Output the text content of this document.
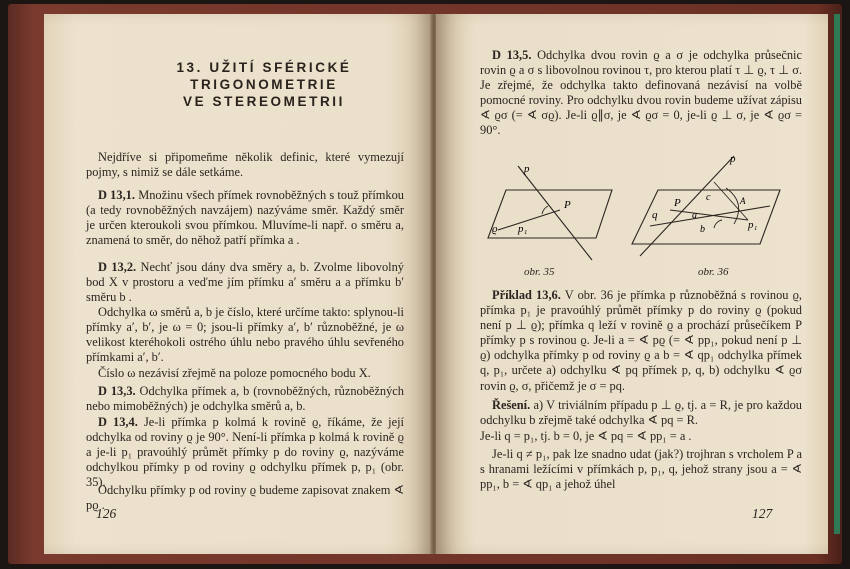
13. UŽITÍ SFÉRICKÉ
TRIGONOMETRIE
VE STEREOMETRII

Nejdříve si připomeňme několik definic, které vymezují pojmy, s nimiž se dále setkáme.

D 13,1. Množinu všech přímek rovnoběžných s touž přímkou (a tedy rovnoběžných navzájem) nazýváme směr. Každý směr je určen kteroukoli svou přímkou. Mluvíme-li např. o směru a, znamená to směr, do něhož patří přímka a .

D 13,2. Nechť jsou dány dva směry a, b. Zvolme libovolný bod X v prostoru a veďme jím přímku a′ směru a a přímku b′ směru b .

Odchylka ω směrů a, b je číslo, které určíme takto: splynou-li přímky a′, b′, je ω = 0; jsou-li přímky a′, b′ různoběžné, je ω velikost kteréhokoli ostrého úhlu nebo pravého úhlu sevřeného přímkami a′, b′.

Číslo ω nezávisí zřejmě na poloze pomocného bodu X.

D 13,3. Odchylka přímek a, b (rovnoběžných, různoběžných nebo mimoběžných) je odchylka směrů a, b.

D 13,4. Je-li přímka p kolmá k rovině ϱ, říkáme, že její odchylka od roviny ϱ je 90°. Není-li přímka p kolmá k rovině ϱ a je-li p₁ pravoúhlý průmět přímky p do roviny ϱ, nazýváme odchylkou přímky p od roviny ϱ odchylku přímek p, p₁ (obr. 35).

Odchylku přímky p od roviny ϱ budeme zapisovat znakem ∢ pϱ .

126

D 13,5. Odchylka dvou rovin ϱ a σ je odchylka průsečnic rovin ϱ a σ s libovolnou rovinou τ, pro kterou platí τ ⊥ ϱ, τ ⊥ σ. Je zřejmé, že odchylka takto definovaná nezávisí na volbě pomocné roviny. Pro odchylku dvou rovin budeme užívat zápisu ∢ ϱσ (= ∢ σϱ). Je-li ϱ∥σ, je ∢ ϱσ = 0, je-li ϱ ⊥ σ, je ∢ ϱσ = 90°.

p
P
p₁
ϱ
obr. 35
p
q
P	c
a
b
A
p₁
obr. 36

Příklad 13,6. V obr. 36 je přímka p různoběžná s rovinou ϱ, přímka p₁ je pravoúhlý průmět přímky p do roviny ϱ (pokud není p ⊥ ϱ); přímka q leží v rovině ϱ a prochází průsečíkem P přímky p s rovinou ϱ. Je-li a = ∢ pϱ (= ∢ pp₁, pokud není p ⊥ ϱ) odchylka přímky p od roviny ϱ a b = ∢ qp₁ odchylka přímek q, p₁, určete a) odchylku ∢ pq přímek p, q, b) odchylku ∢ ϱσ rovin ϱ, σ, přičemž je σ = pq.

Řešení. a) V triviálním případu p ⊥ ϱ, tj. a = R, je pro každou odchylku b zřejmě také odchylka ∢ pq = R.

Je-li q = p₁, tj. b = 0, je ∢ pq = ∢ pp₁ = a .

Je-li q ≠ p₁, pak lze snadno udat (jak?) trojhran s vrcholem P a s hranami ležícími v přímkách p, p₁, q, jehož strany jsou a = ∢ pp₁, b = ∢ qp₁ a jehož úhel

127
